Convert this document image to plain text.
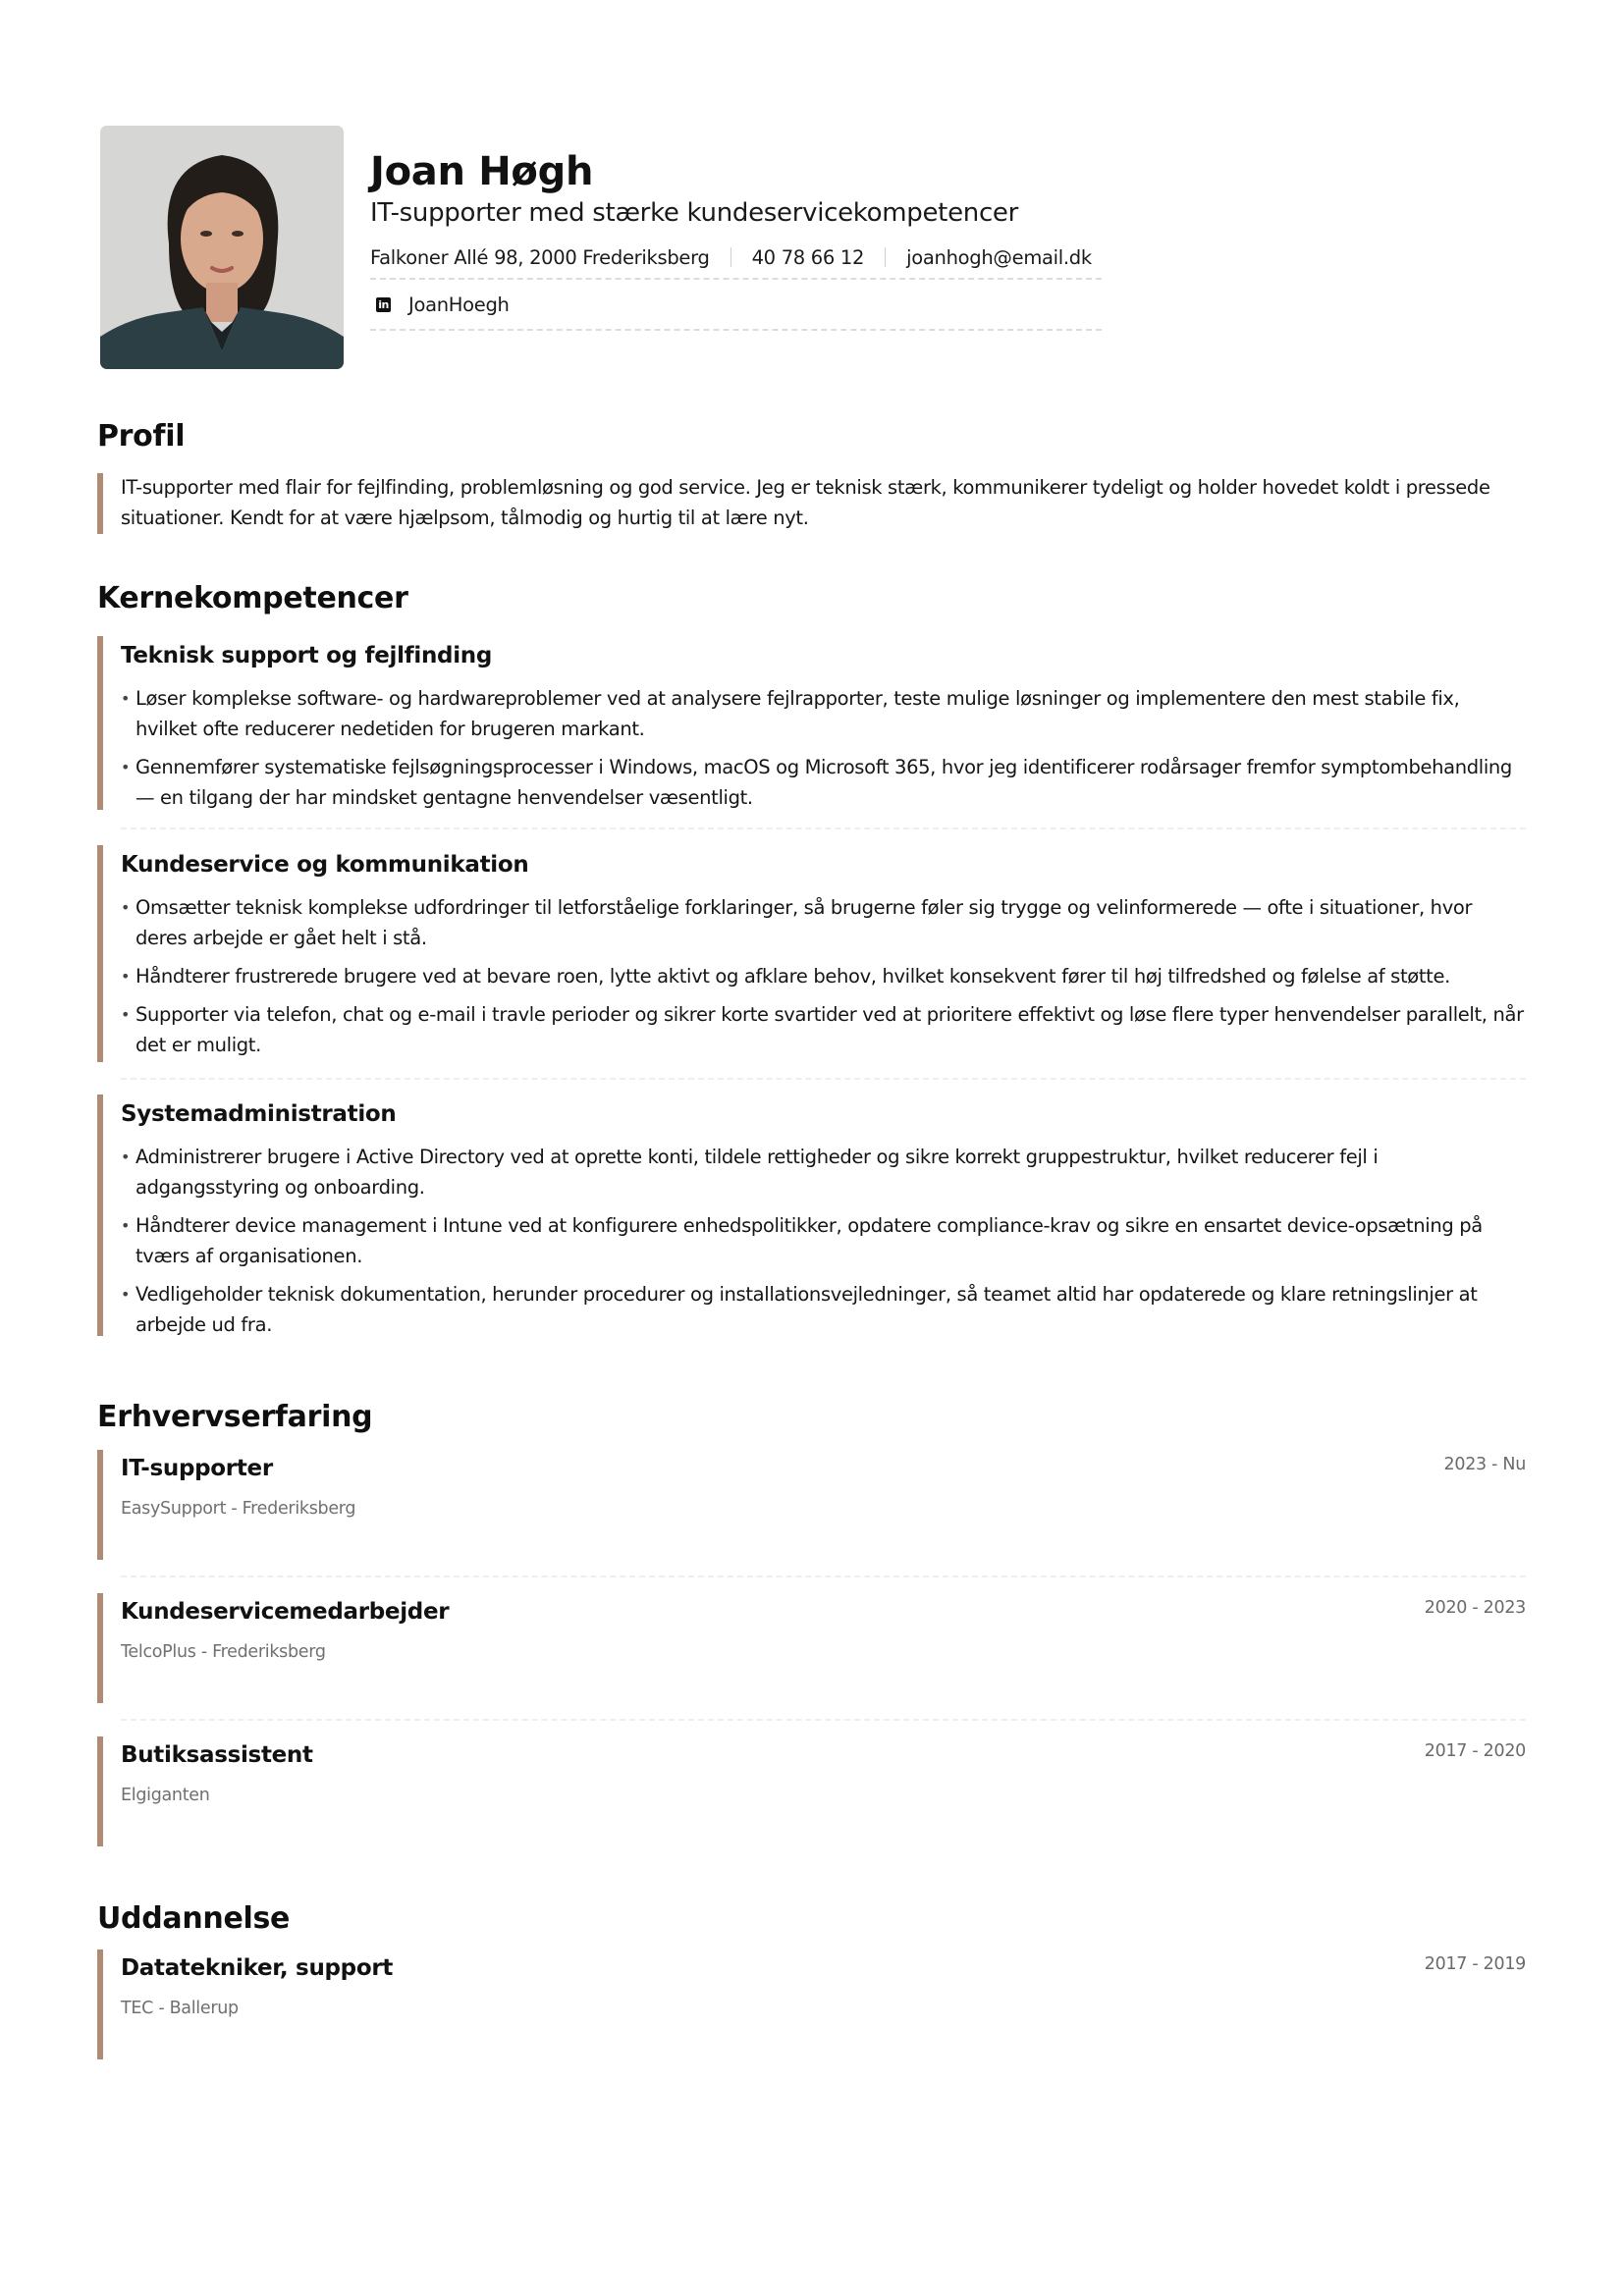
Joan Høgh
IT-supporter med stærke kundeservicekompetencer
Falkoner Allé 98, 2000 Frederiksberg 40 78 66 12 joanhogh@email.dk
in JoanHoegh
Profil
IT-supporter med flair for fejlfinding, problemløsning og god service. Jeg er teknisk stærk, kommunikerer tydeligt og holder hovedet koldt i pressede situationer. Kendt for at være hjælpsom, tålmodig og hurtig til at lære nyt.
Kernekompetencer
Teknisk support og fejlfinding
• Løser komplekse software- og hardwareproblemer ved at analysere fejlrapporter, teste mulige løsninger og implementere den mest stabile fix, hvilket ofte reducerer nedetiden for brugeren markant.
• Gennemfører systematiske fejlsøgningsprocesser i Windows, macOS og Microsoft 365, hvor jeg identificerer rodårsager fremfor symptombehandling — en tilgang der har mindsket gentagne henvendelser væsentligt.
Kundeservice og kommunikation
• Omsætter teknisk komplekse udfordringer til letforståelige forklaringer, så brugerne føler sig trygge og velinformerede — ofte i situationer, hvor deres arbejde er gået helt i stå.
• Håndterer frustrerede brugere ved at bevare roen, lytte aktivt og afklare behov, hvilket konsekvent fører til høj tilfredshed og følelse af støtte.
• Supporter via telefon, chat og e-mail i travle perioder og sikrer korte svartider ved at prioritere effektivt og løse flere typer henvendelser parallelt, når det er muligt.
Systemadministration
• Administrerer brugere i Active Directory ved at oprette konti, tildele rettigheder og sikre korrekt gruppestruktur, hvilket reducerer fejl i adgangsstyring og onboarding.
• Håndterer device management i Intune ved at konfigurere enhedspolitikker, opdatere compliance-krav og sikre en ensartet device-opsætning på tværs af organisationen.
• Vedligeholder teknisk dokumentation, herunder procedurer og installationsvejledninger, så teamet altid har opdaterede og klare retningslinjer at arbejde ud fra.
Erhvervserfaring
IT-supporter
EasySupport - Frederiksberg
2023 - Nu
Kundeservicemedarbejder
TelcoPlus - Frederiksberg
2020 - 2023
Butiksassistent
Elgiganten
2017 - 2020
Uddannelse
Datatekniker, support
TEC - Ballerup
2017 - 2019
